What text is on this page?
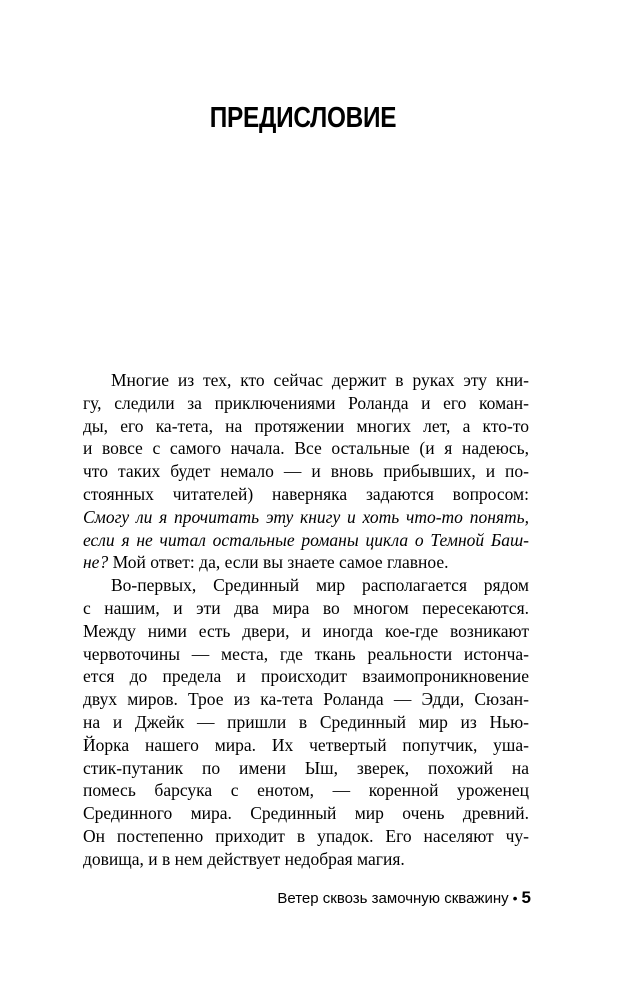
ПРЕДИСЛОВИЕ
Многие из тех, кто сейчас держит в руках эту кни-
гу, следили за приключениями Роланда и его коман-
ды, его ка-тета, на протяжении многих лет, а кто-то
и вовсе с самого начала. Все остальные (и я надеюсь,
что таких будет немало — и вновь прибывших, и по-
стоянных читателей) наверняка задаются вопросом:
Смогу ли я прочитать эту книгу и хоть что-то понять,
если я не читал остальные романы цикла о Темной Баш-
не? Мой ответ: да, если вы знаете самое главное.
Во-первых, Срединный мир располагается рядом
с нашим, и эти два мира во многом пересекаются.
Между ними есть двери, и иногда кое-где возникают
червоточины — места, где ткань реальности истонча-
ется до предела и происходит взаимопроникновение
двух миров. Трое из ка-тета Роланда — Эдди, Сюзан-
на и Джейк — пришли в Срединный мир из Нью-
Йорка нашего мира. Их четвертый попутчик, ушa-
стик-путаник по имени Ыш, зверек, похожий на
помесь барсука с енотом, — коренной уроженец
Срединного мира. Срединный мир очень древний.
Он постепенно приходит в упадок. Его населяют чу-
довища, и в нем действует недобрая магия.
Ветер сквозь замочную скважину • 5
